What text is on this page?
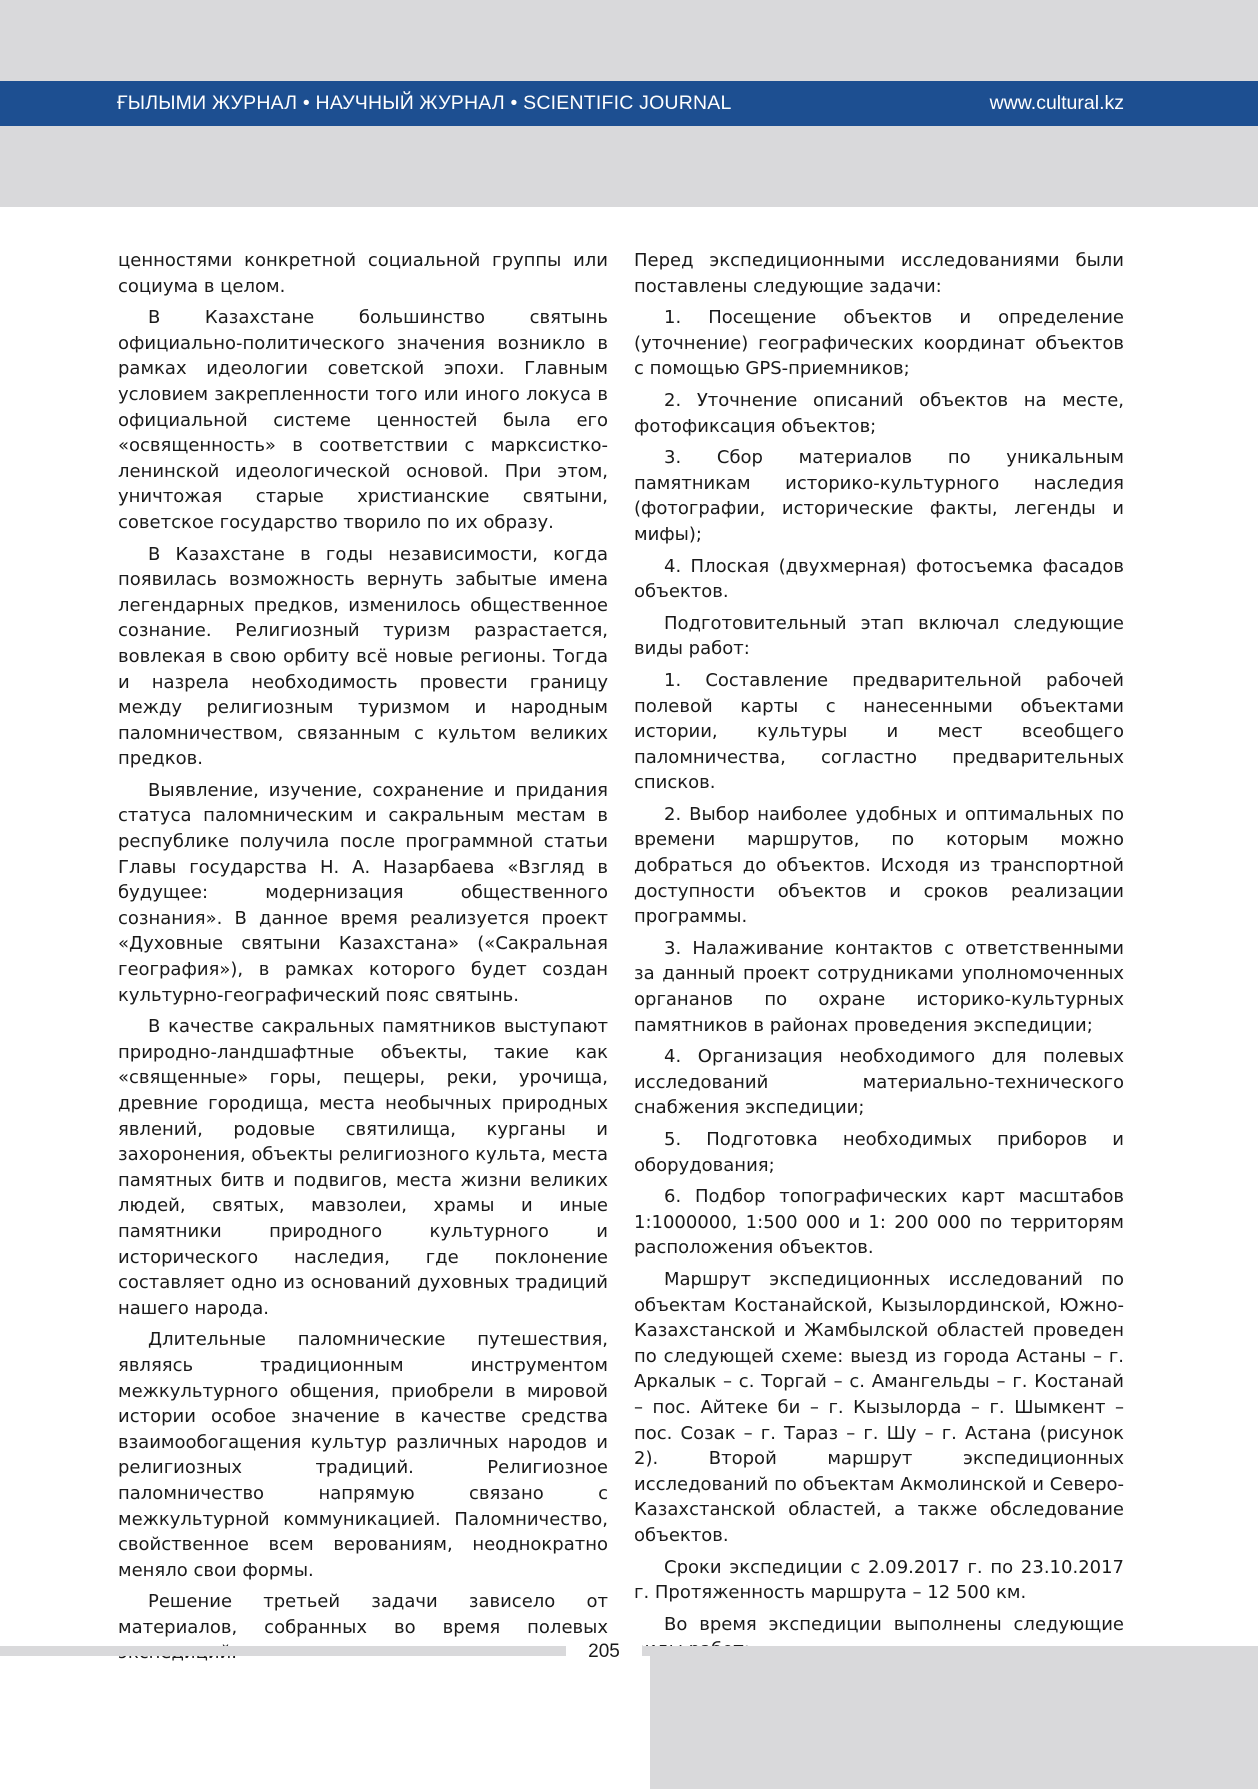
ҒЫЛЫМИ ЖУРНАЛ • НАУЧНЫЙ ЖУРНАЛ • SCIENTIFIC JOURNAL	www.cultural.kz

ценностями конкретной социальной группы или социума в целом.

В Казахстане большинство святынь официально-политического значения возникло в рамках идеологии советской эпохи. Главным условием закрепленности того или иного локуса в официальной системе ценностей была его «освященность» в соответствии с марксистко-ленинской идеологической основой. При этом, уничтожая старые христианские святыни, советское государство творило по их образу.

В Казахстане в годы независимости, когда появилась возможность вернуть забытые имена легендарных предков, изменилось общественное сознание. Религиозный туризм разрастается, вовлекая в свою орбиту всё новые регионы. Тогда и назрела необходимость провести границу между религиозным туризмом и народным паломничеством, связанным с культом великих предков.

Выявление, изучение, сохранение и придания статуса паломническим и сакральным местам в республике получила после программной статьи Главы государства Н. А. Назарбаева «Взгляд в будущее: модернизация общественного сознания». В данное время реализуется проект «Духовные святыни Казахстана» («Сакральная география»), в рамках которого будет создан культурно-географический пояс святынь.

В качестве сакральных памятников выступают природно-ландшафтные объекты, такие как «священные» горы, пещеры, реки, урочища, древние городища, места необычных природных явлений, родовые святилища, курганы и захоронения, объекты религиозного культа, места памятных битв и подвигов, места жизни великих людей, святых, мавзолеи, храмы и иные памятники природного культурного и исторического наследия, где поклонение составляет одно из оснований духовных традиций нашего народа.

Длительные паломнические путешествия, являясь традиционным инструментом межкультурного общения, приобрели в мировой истории особое значение в качестве средства взаимообогащения культур различных народов и религиозных традиций. Религиозное паломничество напрямую связано с межкультурной коммуникацией. Паломничество, свойственное всем верованиям, неоднократно меняло свои формы.

Решение третьей задачи зависело от материалов, собранных во время полевых

Перед экспедиционными исследованиями были поставлены следующие задачи:

1. Посещение объектов и определение (уточнение) географических координат объектов с помощью GPS-приемников;

2. Уточнение описаний объектов на месте, фотофиксация объектов;

3. Сбор материалов по уникальным памятникам историко-культурного наследия (фотографии, исторические факты, легенды и мифы);

4. Плоская (двухмерная) фотосъемка фасадов объектов.

Подготовительный этап включал следующие виды работ:

1. Составление предварительной рабочей полевой карты с нанесенными объектами истории, культуры и мест всеобщего паломничества, согластно предварительных списков.

2. Выбор наиболее удобных и оптимальных по времени маршрутов, по которым можно добраться до объектов. Исходя из транспортной доступности объектов и сроков реализации программы.

3. Налаживание контактов с ответственными за данный проект сотрудниками уполномоченных органанов по охране историко-культурных памятников в районах проведения экспедиции;

4. Организация необходимого для полевых исследований материально-технического снабжения экспедиции;

5. Подготовка необходимых приборов и оборудования;

6. Подбор топографических карт масштабов 1:1000000, 1:500 000 и 1: 200 000 по территорям расположения объектов.

Маршрут экспедиционных исследований по объектам Костанайской, Кызылординской, Южно-Казахстанской и Жамбылской областей проведен по следующей схеме: выезд из города Астаны – г. Аркалык – с. Торгай – с. Амангельды – г. Костанай – пос. Айтеке би – г. Кызылорда – г. Шымкент – пос. Созак – г. Тараз – г. Шу – г. Астана (рисунок 2). Второй маршрут экспедиционных исследований по объектам Акмолинской и Северо-Казахстанской областей, а также обследование объектов.

Сроки экспедиции с 2.09.2017 г. по 23.10.2017 г. Протяженность маршрута – 12 500 км.

Во время экспедиции выполнены следующие

205
